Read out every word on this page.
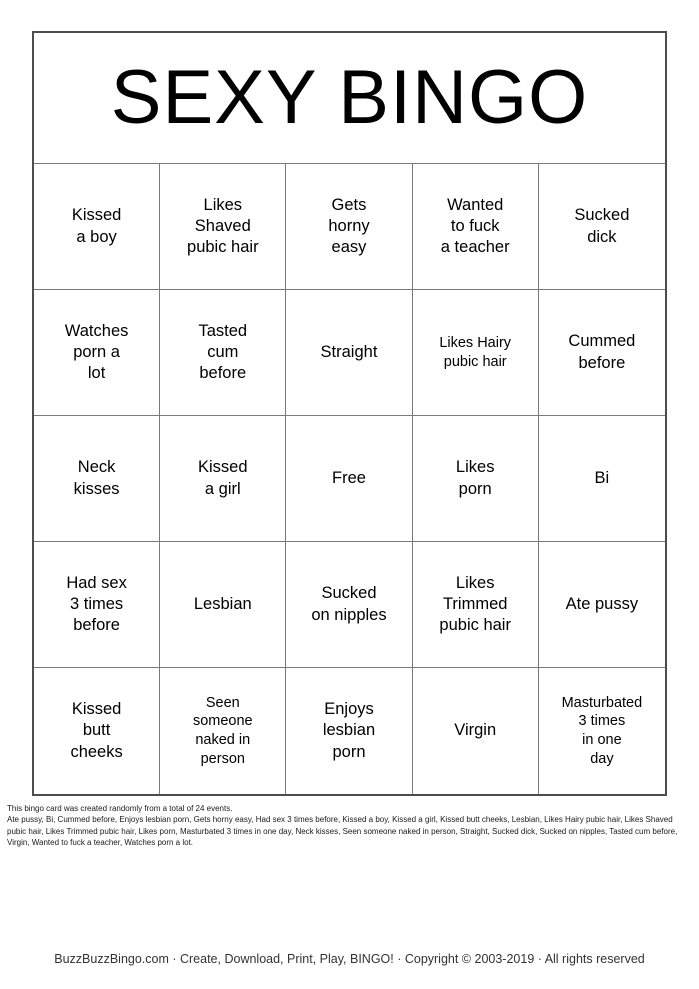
SEXY BINGO
Kissed
a boy
Likes
Shaved
pubic hair
Gets
horny
easy
Wanted
to fuck
a teacher
Sucked
dick
Watches
porn a
lot
Tasted
cum
before
Straight	Likes Hairy
pubic hair
Cummed
before
Neck
kisses
Kissed
a girl
Free
Likes
porn
Bi
Had sex
3 times
before
Lesbian
Sucked
on nipples
Likes
Trimmed
pubic hair
Ate pussy
Kissed
butt
cheeks
Seen
someone
naked in
person
Enjoys
lesbian
porn
Virgin
Masturbated
3 times
in one
day
This bingo card was created randomly from a total of 24 events.
Ate pussy, Bi, Cummed before, Enjoys lesbian porn, Gets horny easy, Had sex 3 times before, Kissed a boy, Kissed a girl, Kissed butt cheeks, Lesbian, Likes Hairy pubic hair, Likes Shaved pubic hair, Likes Trimmed pubic hair, Likes porn, Masturbated 3 times in one day, Neck kisses, Seen someone naked in person, Straight, Sucked dick, Sucked on nipples, Tasted cum before, Virgin, Wanted to fuck a teacher, Watches porn a lot.
BuzzBuzzBingo.com · Create, Download, Print, Play, BINGO! · Copyright © 2003-2019 · All rights reserved
